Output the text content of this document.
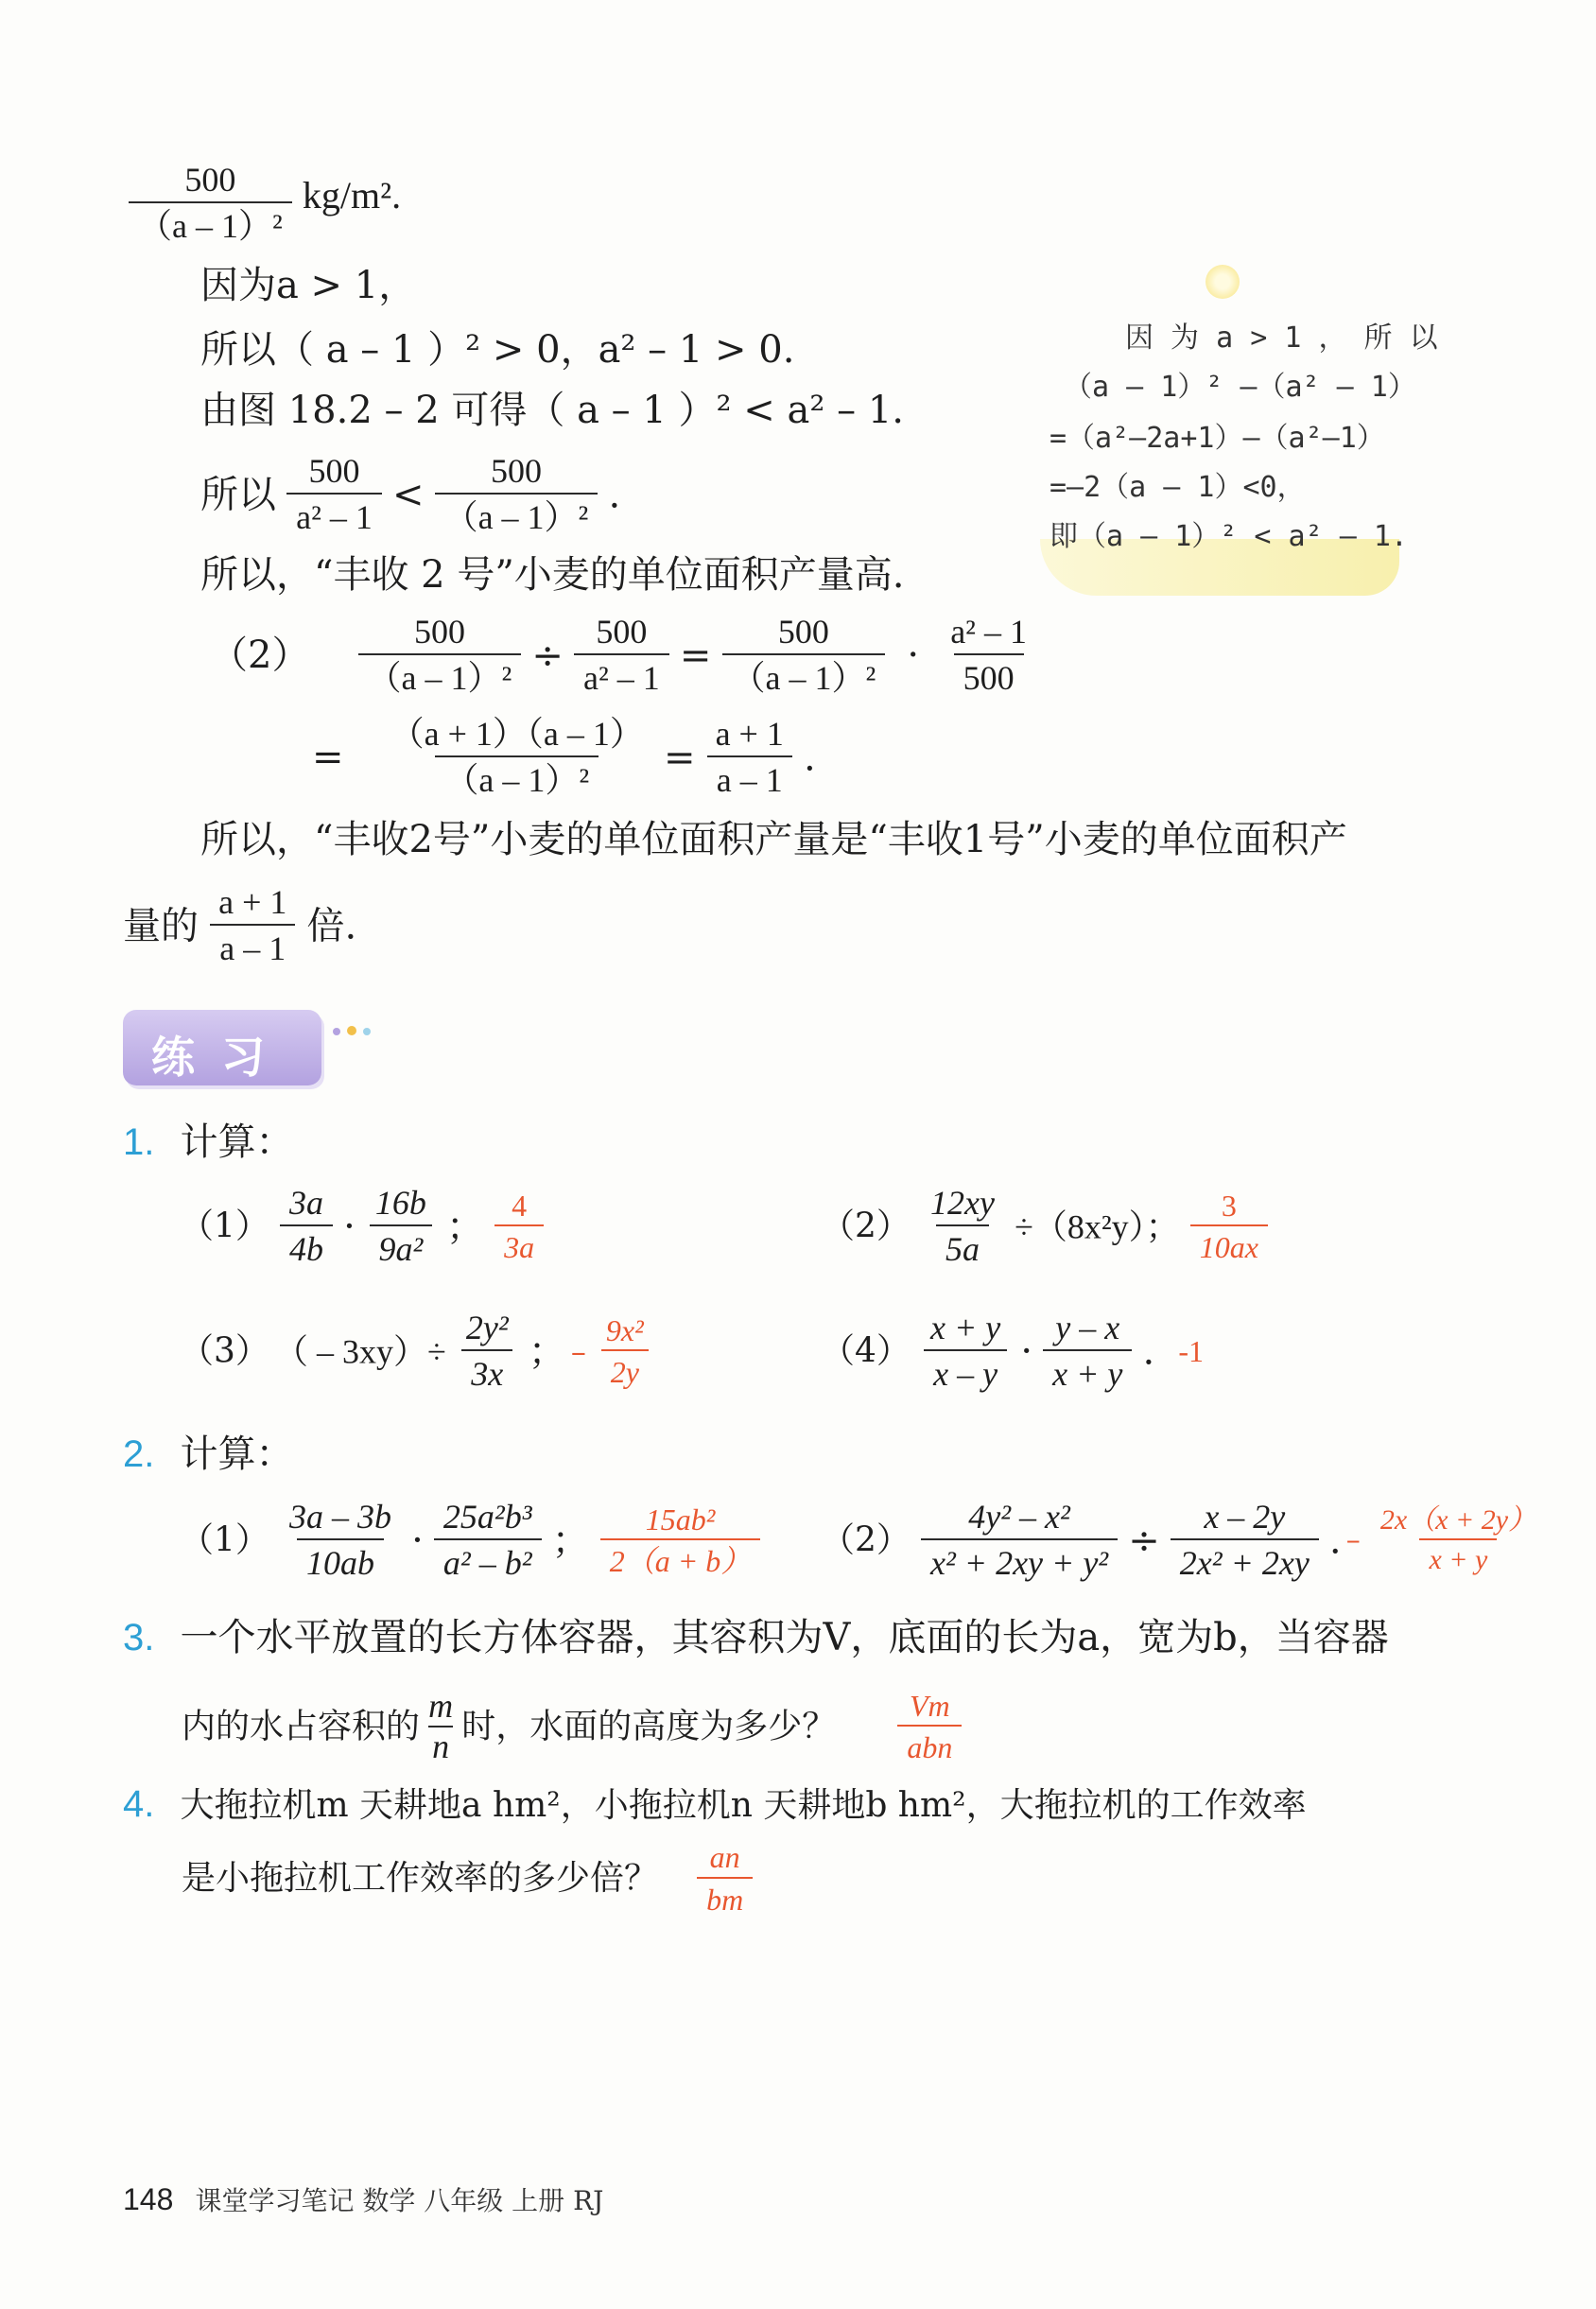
$\frac{500}{\text{（a – 1）²}} kg/m^2$.
因为a > 1，
所以（ a – 1 ）² > 0，a² – 1 > 0.
由图 18.2 – 2 可得（ a – 1 ）² < a² – 1.
所以 $\frac{500}{\text{a² – 1}} < \frac{500}{\text{（a – 1）²}}$ .
所以，“丰收 2 号”小麦的单位面积产量高.
因 为 a > 1 ， 所 以
（a – 1）² –（a² – 1）
=（a²–2a+1）–（a²–1）
=–2（a – 1）<0，
即（a – 1）² < a² – 1.
$(2) \frac{500}{\text{（a – 1）²}} \div \frac{500}{\text{a² – 1}} = \frac{500}{\text{（a – 1）²}} \cdot \frac{\text{a² – 1}}{500}$
= $\frac{(a + 1)(a - 1)}{\text{（a – 1）²}} = \frac{a + 1}{a - 1}$ .
所以，“丰收2号”小麦的单位面积产量是“丰收1号”小麦的单位面积产
量的 $\frac{a + 1}{a - 1}$ 倍.
练 习

1. 计算：
$(1) \frac{3a}{4b} \cdot \frac{16b}{\text{9a²}}$ ； $\frac{4}{3a}$	$(2) \frac{12xy}{5a} \div(8x^2y)$； $\frac{3}{10ax}$
（3） （ – $3xy)\div \frac{\text{2y²}}{3x}$ ； – $\frac{\text{9x²}}{2y}$	$(4) \frac{x + y}{x - y} \cdot \frac{y - x}{x + y}$ . -1
2. 计算：
$(1) \frac{3a - 3b}{10ab} \cdot \frac{\text{25a²b³}}{\text{a² – b²}}$ ； $\frac{\text{15ab²}}{2(a + b)} (2) \frac{\text{4y² – x²}}{\text{x² + 2xy + y²}} \div \frac{x - 2y}{\text{2x² + 2xy}}$ . – $\frac{2x(x + 2y)}{x + y}$
3. 一个水平放置的长方体容器，其容积为V，底面的长为a，宽为b，当容器
内的水占容积的 $\frac{m}{n}$ 时，水面的高度为多少？ $\frac{Vm}{\text{abn}}$
4. 大拖拉机m 天耕地a hm²，小拖拉机n 天耕地b hm²，大拖拉机的工作效率
是小拖拉机工作效率的多少倍？ $\frac{an}{bm}$
148 课堂学习笔记 数学 八年级 上册 RJ
